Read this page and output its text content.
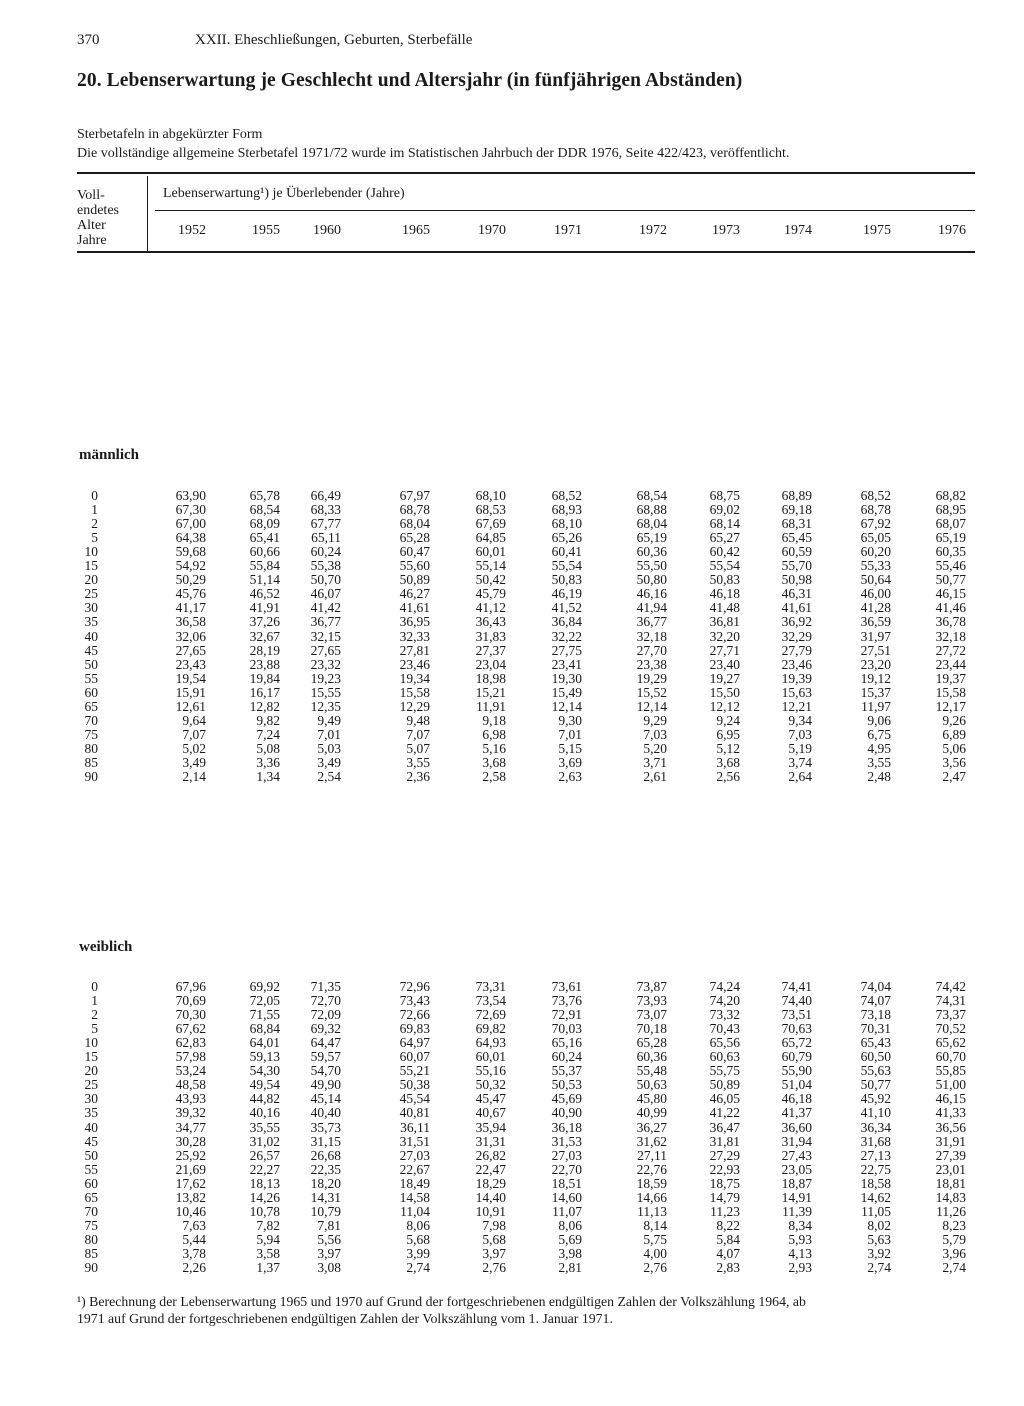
370	XXII. Eheschließungen, Geburten, Sterbefälle
20. Lebenserwartung je Geschlecht und Altersjahr (in fünfjährigen Abständen)
Sterbetafeln in abgekürzter Form
Die vollständige allgemeine Sterbetafel 1971/72 wurde im Statistischen Jahrbuch der DDR 1976, Seite 422/423, veröffentlicht.
Voll-
endetes
Alter
Jahre
Lebenserwartung¹) je Überlebender (Jahre)
1952	1955	1960	1965	1970	1971	1972	1973	1974	1975	1976
männlich
0	63,90	65,78	66,49	67,97	68,10	68,52	68,54	68,75	68,89	68,52	68,82
1	67,30	68,54	68,33	68,78	68,53	68,93	68,88	69,02	69,18	68,78	68,95
2	67,00	68,09	67,77	68,04	67,69	68,10	68,04	68,14	68,31	67,92	68,07
5	64,38	65,41	65,11	65,28	64,85	65,26	65,19	65,27	65,45	65,05	65,19
10	59,68	60,66	60,24	60,47	60,01	60,41	60,36	60,42	60,59	60,20	60,35
15	54,92	55,84	55,38	55,60	55,14	55,54	55,50	55,54	55,70	55,33	55,46
20	50,29	51,14	50,70	50,89	50,42	50,83	50,80	50,83	50,98	50,64	50,77
25	45,76	46,52	46,07	46,27	45,79	46,19	46,16	46,18	46,31	46,00	46,15
30	41,17	41,91	41,42	41,61	41,12	41,52	41,94	41,48	41,61	41,28	41,46
35	36,58	37,26	36,77	36,95	36,43	36,84	36,77	36,81	36,92	36,59	36,78
40	32,06	32,67	32,15	32,33	31,83	32,22	32,18	32,20	32,29	31,97	32,18
45	27,65	28,19	27,65	27,81	27,37	27,75	27,70	27,71	27,79	27,51	27,72
50	23,43	23,88	23,32	23,46	23,04	23,41	23,38	23,40	23,46	23,20	23,44
55	19,54	19,84	19,23	19,34	18,98	19,30	19,29	19,27	19,39	19,12	19,37
60	15,91	16,17	15,55	15,58	15,21	15,49	15,52	15,50	15,63	15,37	15,58
65	12,61	12,82	12,35	12,29	11,91	12,14	12,14	12,12	12,21	11,97	12,17
70	9,64	9,82	9,49	9,48	9,18	9,30	9,29	9,24	9,34	9,06	9,26
75	7,07	7,24	7,01	7,07	6,98	7,01	7,03	6,95	7,03	6,75	6,89
80	5,02	5,08	5,03	5,07	5,16	5,15	5,20	5,12	5,19	4,95	5,06
85	3,49	3,36	3,49	3,55	3,68	3,69	3,71	3,68	3,74	3,55	3,56
90	2,14	1,34	2,54	2,36	2,58	2,63	2,61	2,56	2,64	2,48	2,47
weiblich
0	67,96	69,92	71,35	72,96	73,31	73,61	73,87	74,24	74,41	74,04	74,42
1	70,69	72,05	72,70	73,43	73,54	73,76	73,93	74,20	74,40	74,07	74,31
2	70,30	71,55	72,09	72,66	72,69	72,91	73,07	73,32	73,51	73,18	73,37
5	67,62	68,84	69,32	69,83	69,82	70,03	70,18	70,43	70,63	70,31	70,52
10	62,83	64,01	64,47	64,97	64,93	65,16	65,28	65,56	65,72	65,43	65,62
15	57,98	59,13	59,57	60,07	60,01	60,24	60,36	60,63	60,79	60,50	60,70
20	53,24	54,30	54,70	55,21	55,16	55,37	55,48	55,75	55,90	55,63	55,85
25	48,58	49,54	49,90	50,38	50,32	50,53	50,63	50,89	51,04	50,77	51,00
30	43,93	44,82	45,14	45,54	45,47	45,69	45,80	46,05	46,18	45,92	46,15
35	39,32	40,16	40,40	40,81	40,67	40,90	40,99	41,22	41,37	41,10	41,33
40	34,77	35,55	35,73	36,11	35,94	36,18	36,27	36,47	36,60	36,34	36,56
45	30,28	31,02	31,15	31,51	31,31	31,53	31,62	31,81	31,94	31,68	31,91
50	25,92	26,57	26,68	27,03	26,82	27,03	27,11	27,29	27,43	27,13	27,39
55	21,69	22,27	22,35	22,67	22,47	22,70	22,76	22,93	23,05	22,75	23,01
60	17,62	18,13	18,20	18,49	18,29	18,51	18,59	18,75	18,87	18,58	18,81
65	13,82	14,26	14,31	14,58	14,40	14,60	14,66	14,79	14,91	14,62	14,83
70	10,46	10,78	10,79	11,04	10,91	11,07	11,13	11,23	11,39	11,05	11,26
75	7,63	7,82	7,81	8,06	7,98	8,06	8,14	8,22	8,34	8,02	8,23
80	5,44	5,94	5,56	5,68	5,68	5,69	5,75	5,84	5,93	5,63	5,79
85	3,78	3,58	3,97	3,99	3,97	3,98	4,00	4,07	4,13	3,92	3,96
90	2,26	1,37	3,08	2,74	2,76	2,81	2,76	2,83	2,93	2,74	2,74
¹) Berechnung der Lebenserwartung 1965 und 1970 auf Grund der fortgeschriebenen endgültigen Zahlen der Volkszählung 1964, ab
1971 auf Grund der fortgeschriebenen endgültigen Zahlen der Volkszählung vom 1. Januar 1971.
